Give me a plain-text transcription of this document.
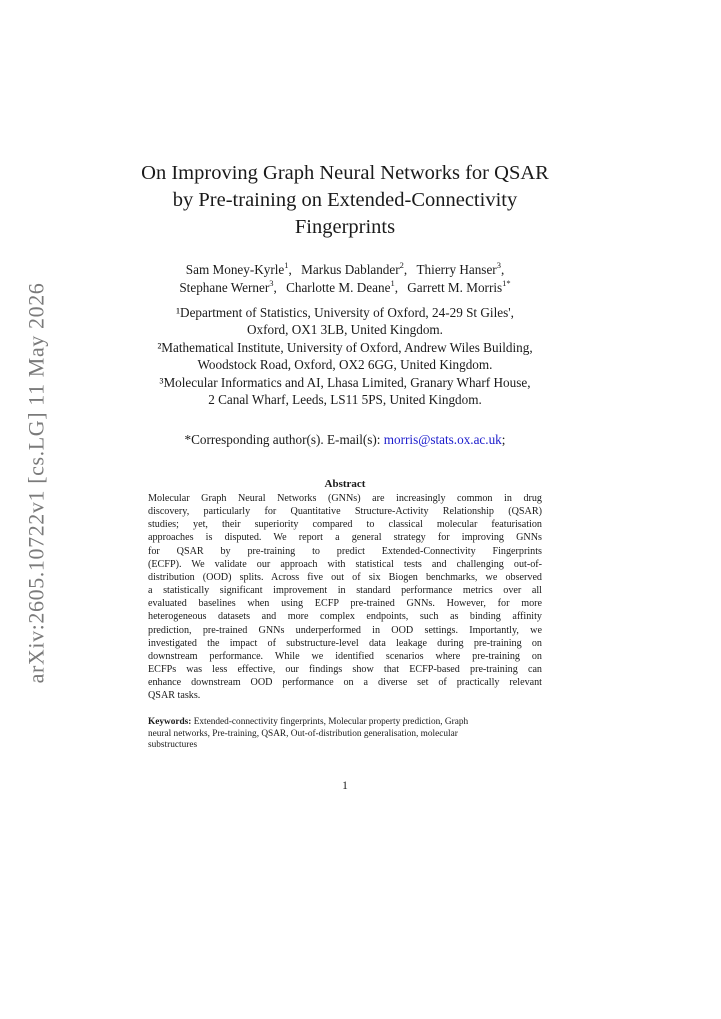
arXiv:2605.10722v1 [cs.LG] 11 May 2026
On Improving Graph Neural Networks for QSAR
by Pre-training on Extended-Connectivity
Fingerprints
Sam Money-Kyrle$^1$, Markus Dablander$^2$, Thierry Hanser$^3$,
Stephane Werner$^3$, Charlotte M. Deane$^1$, Garrett M. Morris$^{1*}$
¹Department of Statistics, University of Oxford, 24-29 St Giles',
Oxford, OX1 3LB, United Kingdom.
²Mathematical Institute, University of Oxford, Andrew Wiles Building,
Woodstock Road, Oxford, OX2 6GG, United Kingdom.
³Molecular Informatics and AI, Lhasa Limited, Granary Wharf House,
2 Canal Wharf, Leeds, LS11 5PS, United Kingdom.
*Corresponding author(s). E-mail(s): morris@stats.ox.ac.uk;
Abstract
Molecular Graph Neural Networks (GNNs) are increasingly common in drug
discovery, particularly for Quantitative Structure-Activity Relationship (QSAR)
studies; yet, their superiority compared to classical molecular featurisation
approaches is disputed. We report a general strategy for improving GNNs
for QSAR by pre-training to predict Extended-Connectivity Fingerprints
(ECFP). We validate our approach with statistical tests and challenging out-of-
distribution (OOD) splits. Across five out of six Biogen benchmarks, we observed
a statistically significant improvement in standard performance metrics over all
evaluated baselines when using ECFP pre-trained GNNs. However, for more
heterogeneous datasets and more complex endpoints, such as binding affinity
prediction, pre-trained GNNs underperformed in OOD settings. Importantly, we
investigated the impact of substructure-level data leakage during pre-training on
downstream performance. While we identified scenarios where pre-training on
ECFPs was less effective, our findings show that ECFP-based pre-training can
enhance downstream OOD performance on a diverse set of practically relevant
QSAR tasks.
Keywords: Extended-connectivity fingerprints, Molecular property prediction, Graph
neural networks, Pre-training, QSAR, Out-of-distribution generalisation, molecular
substructures
1
